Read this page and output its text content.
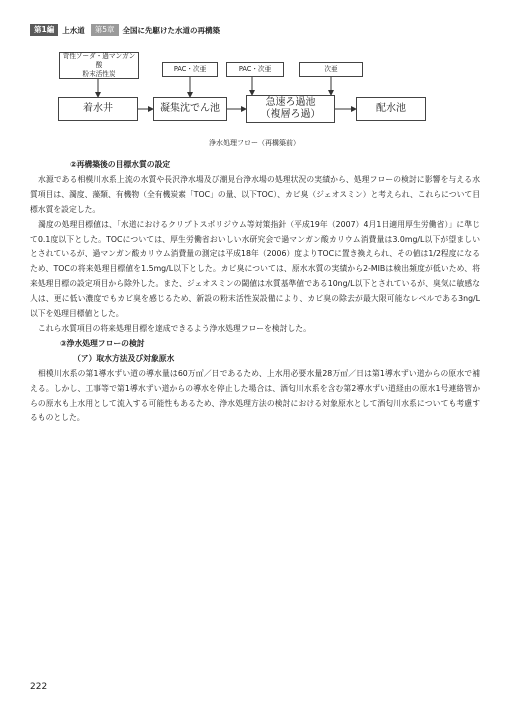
第1編	上水道	第5章	全国に先駆けた水道の再構築
苛性ソーダ・過マンガン酸
粉末活性炭
PAC・次亜	PAC・次亜	次亜
着水井	凝集沈でん池
急速ろ過池
（複層ろ過）
配水池
浄水処理フロー（再構築前）

②再構築後の目標水質の設定

水源である相模川水系上流の水質や長沢浄水場及び潮見台浄水場の処理状況の実績から、処理フローの検討に影響を与える水質項目は、濁度、藻類、有機物（全有機炭素「TOC」の量、以下TOC）、カビ臭（ジェオスミン）と考えられ、これらについて目標水質を設定した。

濁度の処理目標値は、「水道におけるクリプトスポリジウム等対策指針（平成19年（2007）4月1日適用厚生労働省）」に準じて0.1度以下とした。TOCについては、厚生労働省おいしい水研究会で過マンガン酸カリウム消費量は3.0mg/L以下が望ましいとされているが、過マンガン酸カリウム消費量の測定は平成18年（2006）度よりTOCに置き換えられ、その値は1/2程度になるため、TOCの将来処理目標値を1.5mg/L以下とした。カビ臭については、原水水質の実績から2-MIBは検出頻度が低いため、将来処理目標の設定項目から除外した。また、ジェオスミンの閾値は水質基準値である10ng/L以下とされているが、臭気に敏感な人は、更に低い濃度でもカビ臭を感じるため、新設の粉末活性炭設備により、カビ臭の除去が最大限可能なレベルである3ng/L以下を処理目標値とした。

これら水質項目の将来処理目標を達成できるよう浄水処理フローを検討した。

③浄水処理フローの検討

（ア）取水方法及び対象原水

相模川水系の第1導水ずい道の導水量は60万㎥／日であるため、上水用必要水量28万㎥／日は第1導水ずい道からの原水で補える。しかし、工事等で第1導水ずい道からの導水を停止した場合は、酒匂川水系を含む第2導水ずい道経由の原水1号連絡管からの原水も上水用として流入する可能性もあるため、浄水処理方法の検討における対象原水として酒匂川水系についても考慮するものとした。

222
